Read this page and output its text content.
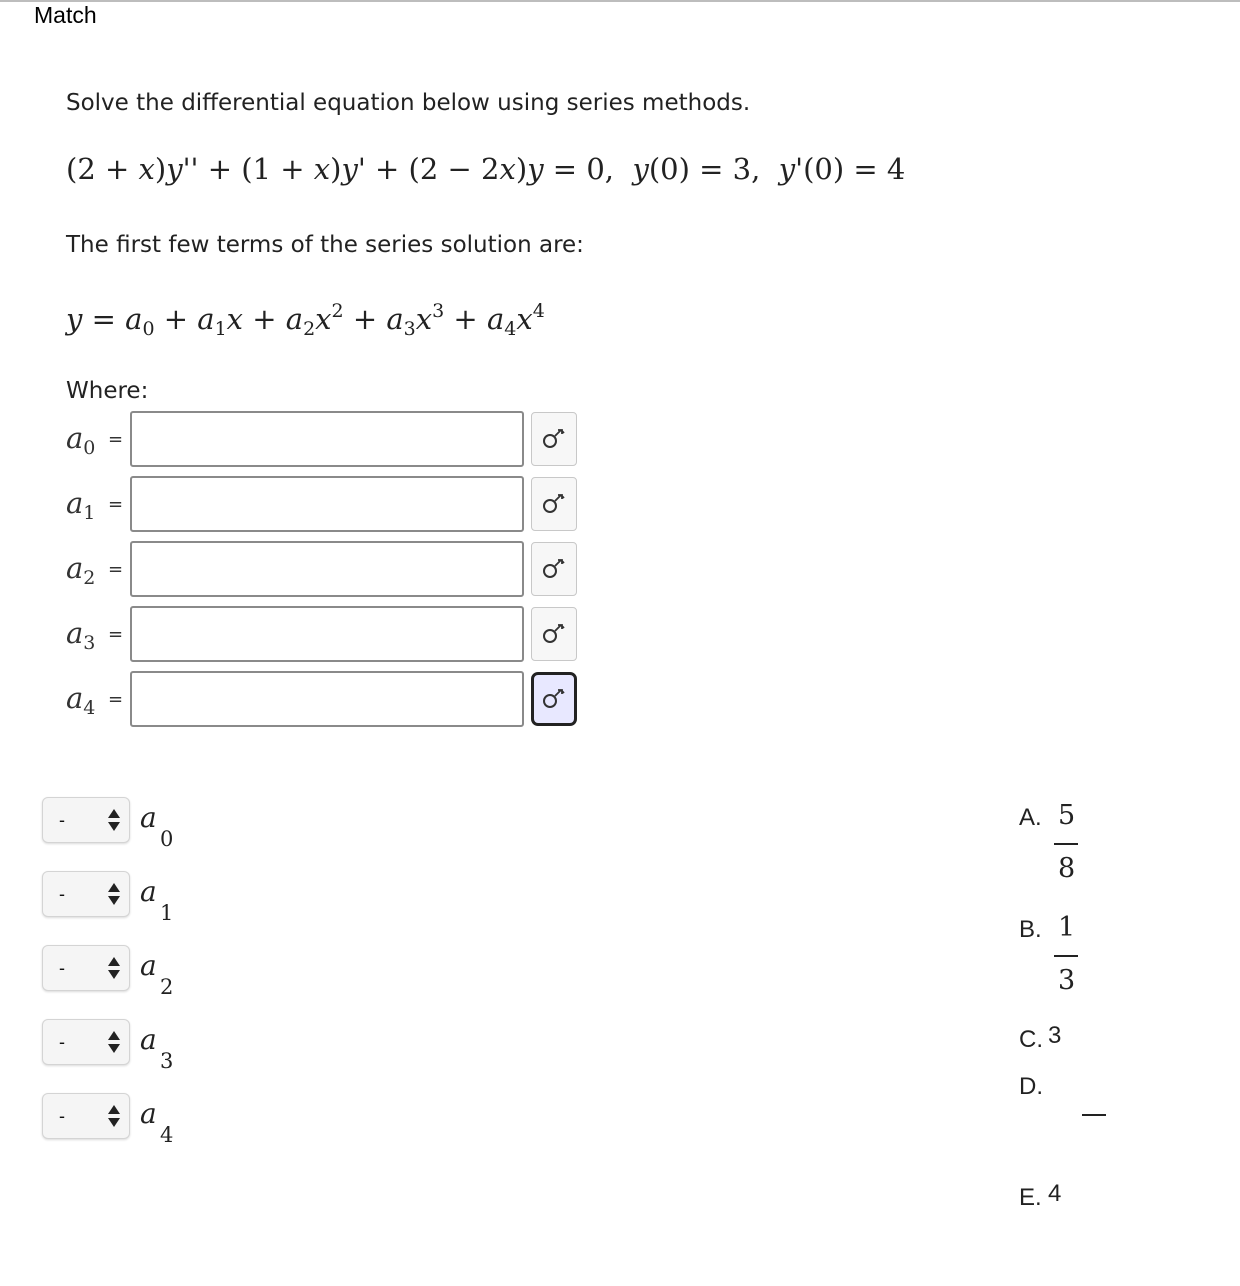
Match
Solve the differential equation below using series methods.
(2 + x)y'' + (1 + x)y' + (2 − 2x)y = 0,  y(0) = 3,  y'(0) = 4
The first few terms of the series solution are:
$y = a_0 + a_1x + a_2x^2 + a_3x^3 + a_4x^4$
Where:
$a_0$ =
$a_1$ =
$a_2$ =
$a_3$ =
$a_4$ =
-
a
0
-
a
1
-
a
2
-
a
3
-
a
4
A. 5
8
B. 1
3
C. 3
D.
E. 4
